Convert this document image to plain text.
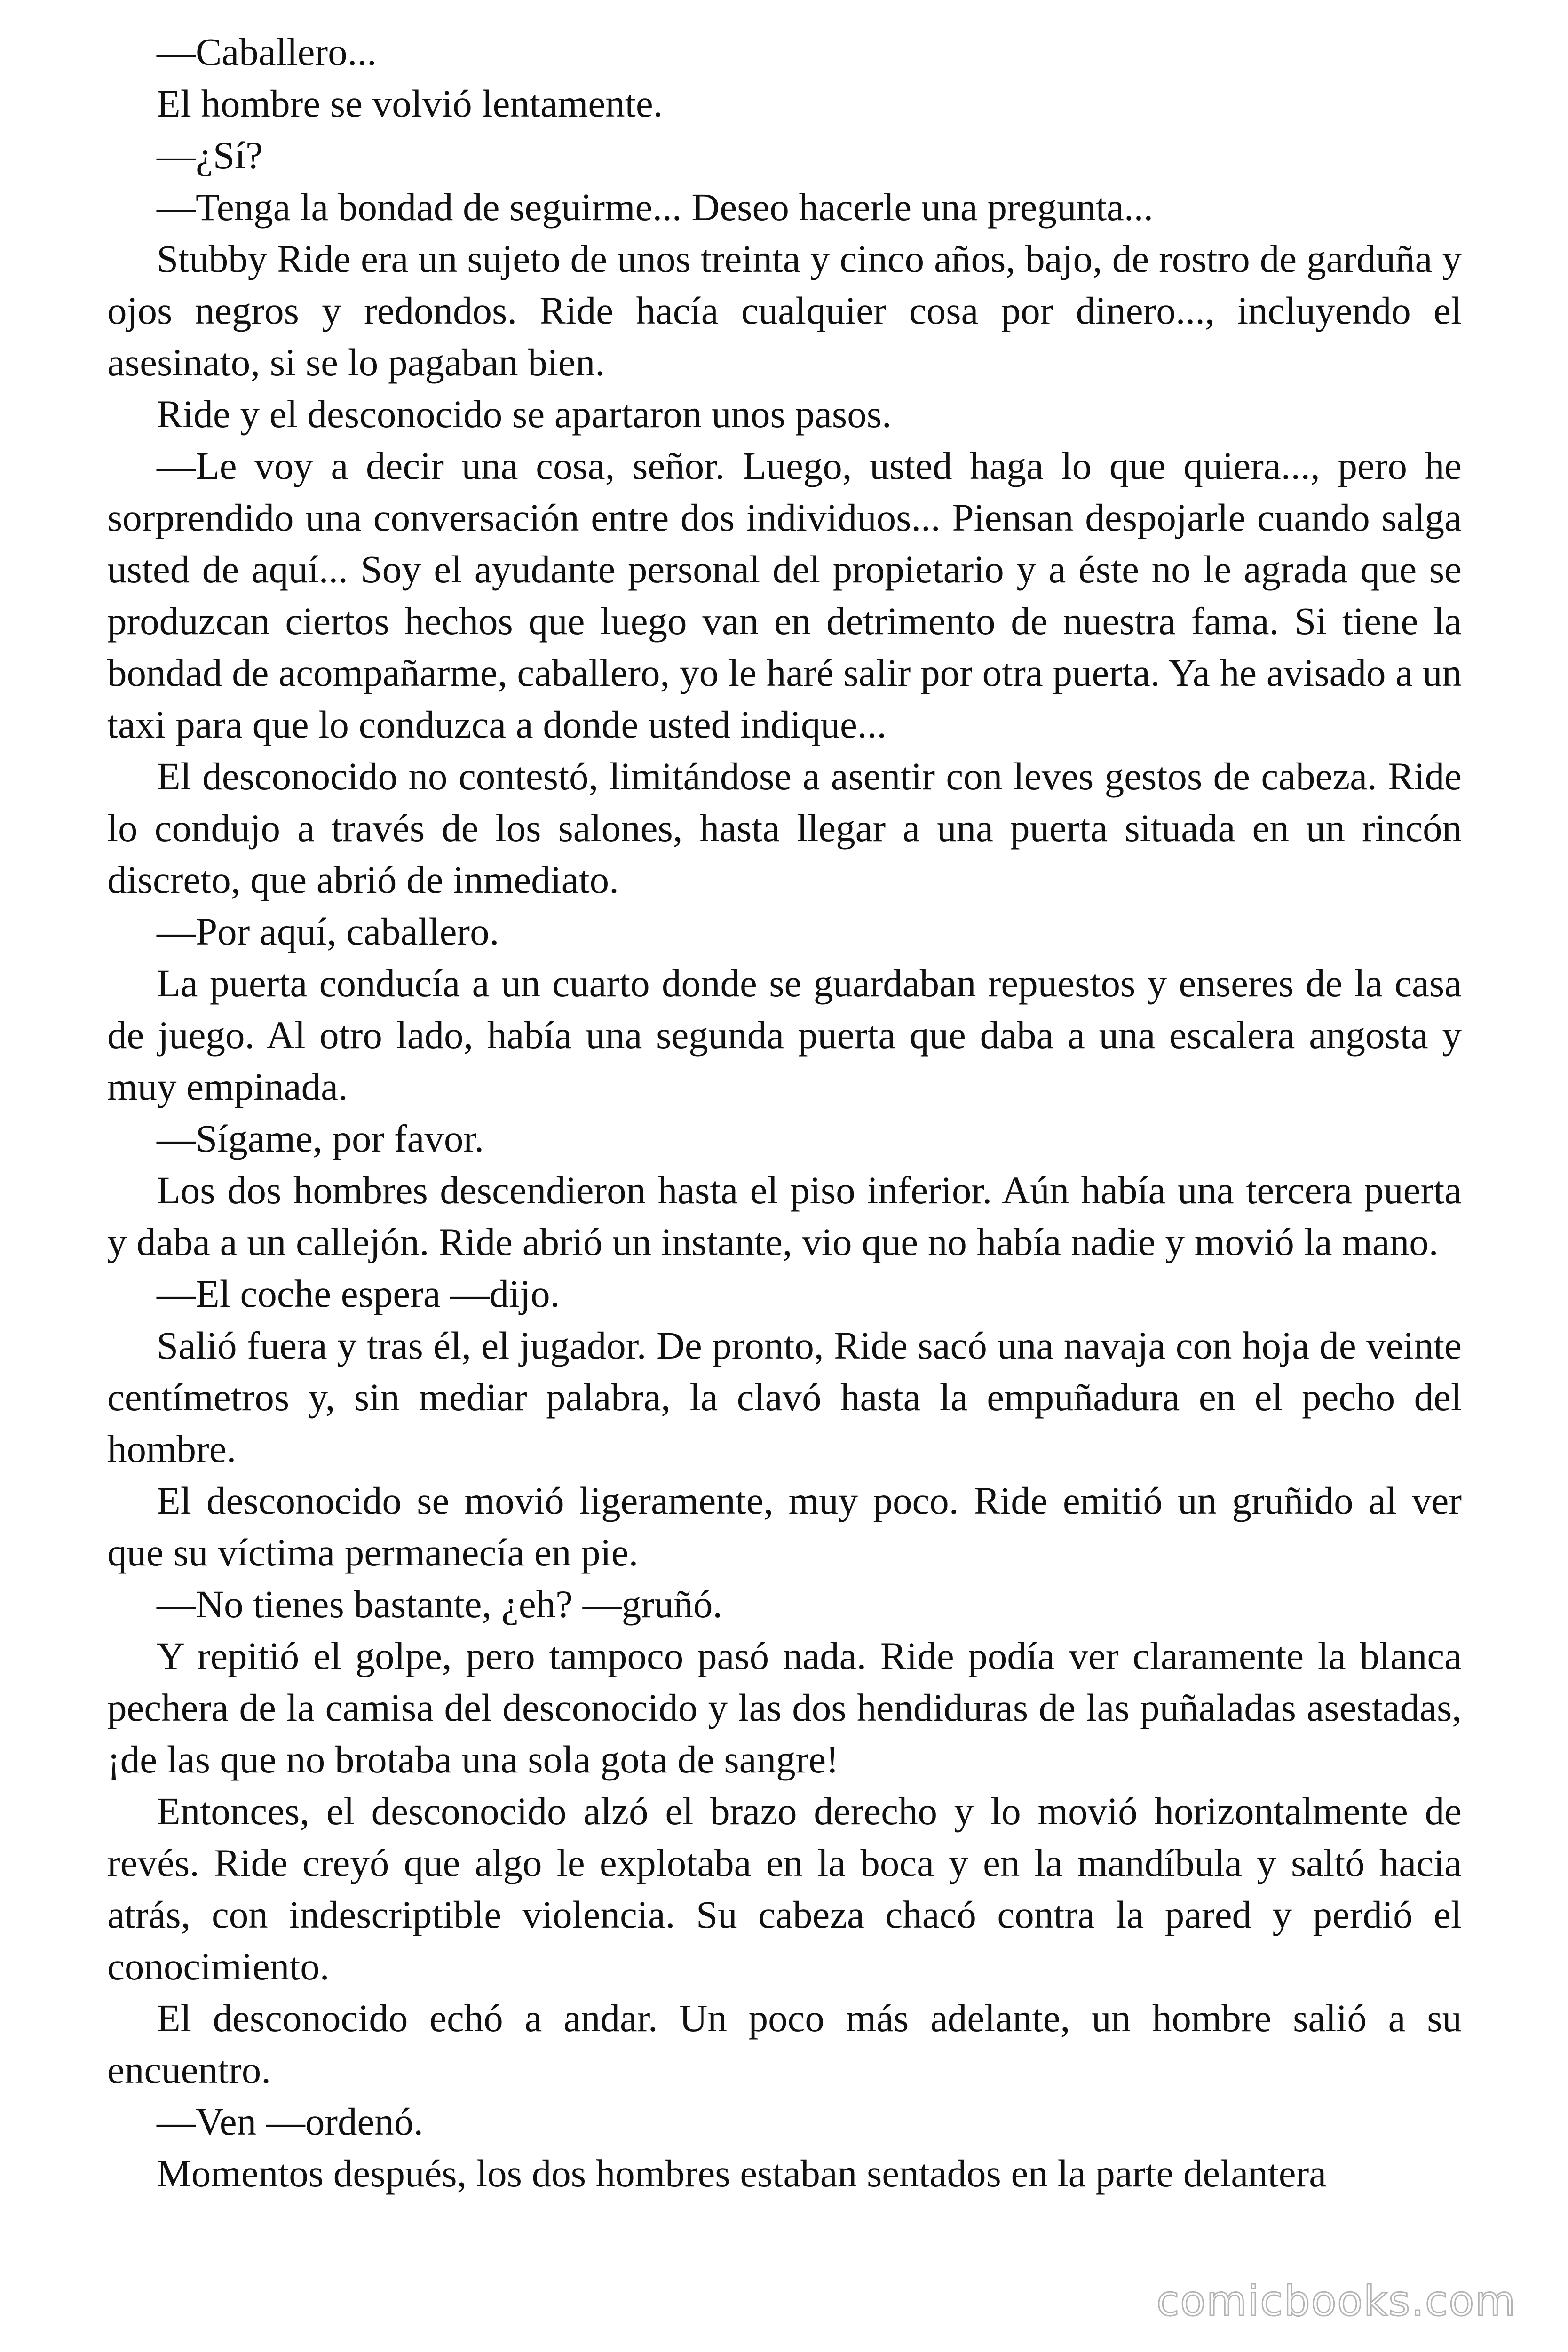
—Caballero...

El hombre se volvió lentamente.

—¿Sí?

—Tenga la bondad de seguirme... Deseo hacerle una pregunta...

Stubby Ride era un sujeto de unos treinta y cinco años, bajo, de rostro de garduña y ojos negros y redondos. Ride hacía cualquier cosa por dinero..., incluyendo el asesinato, si se lo pagaban bien.

Ride y el desconocido se apartaron unos pasos.

—Le voy a decir una cosa, señor. Luego, usted haga lo que quiera..., pero he sorprendido una conversación entre dos individuos... Piensan despojarle cuando salga usted de aquí... Soy el ayudante personal del propietario y a éste no le agrada que se produzcan ciertos hechos que luego van en detrimento de nuestra fama. Si tiene la bondad de acompañarme, caballero, yo le haré salir por otra puerta. Ya he avisado a un taxi para que lo conduzca a donde usted indique...

El desconocido no contestó, limitándose a asentir con leves gestos de cabeza. Ride lo condujo a través de los salones, hasta llegar a una puerta situada en un rincón discreto, que abrió de inmediato.

—Por aquí, caballero.

La puerta conducía a un cuarto donde se guardaban repuestos y enseres de la casa de juego. Al otro lado, había una segunda puerta que daba a una escalera angosta y muy empinada.

—Sígame, por favor.

Los dos hombres descendieron hasta el piso inferior. Aún había una tercera puerta y daba a un callejón. Ride abrió un instante, vio que no había nadie y movió la mano.

—El coche espera —dijo.

Salió fuera y tras él, el jugador. De pronto, Ride sacó una navaja con hoja de veinte centímetros y, sin mediar palabra, la clavó hasta la empuñadura en el pecho del hombre.

El desconocido se movió ligeramente, muy poco. Ride emitió un gruñido al ver que su víctima permanecía en pie.

—No tienes bastante, ¿eh? —gruñó.

Y repitió el golpe, pero tampoco pasó nada. Ride podía ver claramente la blanca pechera de la camisa del desconocido y las dos hendiduras de las puñaladas asestadas, ¡de las que no brotaba una sola gota de sangre!

Entonces, el desconocido alzó el brazo derecho y lo movió horizontalmente de revés. Ride creyó que algo le explotaba en la boca y en la mandíbula y saltó hacia atrás, con indescriptible violencia. Su cabeza chacó contra la pared y perdió el conocimiento.

El desconocido echó a andar. Un poco más adelante, un hombre salió a su encuentro.

—Ven —ordenó.

Momentos después, los dos hombres estaban sentados en la parte delantera

comicbooks.com
